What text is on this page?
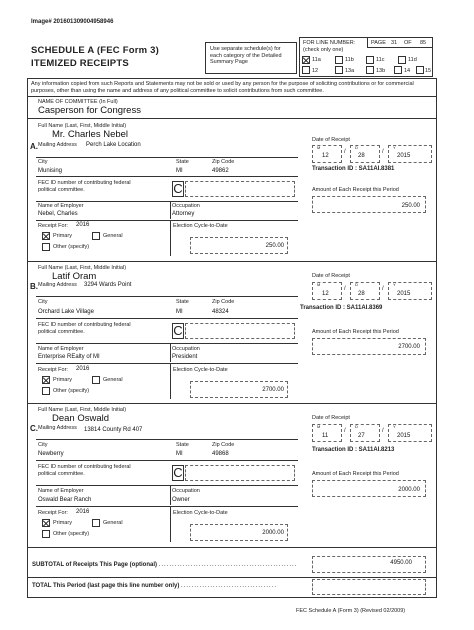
Image# 201601309004958946
SCHEDULE A (FEC Form 3)
ITEMIZED RECEIPTS
Use separate schedule(s) for each category of the Detailed Summary Page
FOR LINE NUMBER:
(check only one)
PAGE 31 OF 85
11a	11b	11c	11d
12	13a	13b	14	15
Any information copied from such Reports and Statements may not be sold or used by any person for the purpose of soliciting contributions or for commercial purposes, other than using the name and address of any political committee to solicit contributions from such committee.
NAME OF COMMITTEE (In Full)
Casperson for Congress
Full Name (Last, First, Middle Initial)
Mr. Charles Nebel
A. Mailing Address Perch Lake Location
City	State	Zip Code
Munising	MI	49862
FEC ID number of contributing federal political committee.	C
Name of Employer	Occupation
Nebel, Charles	Attorney
Receipt For: 2016
Primary	General
Other (specify)
Election Cycle-to-Date
250.00
Date of Receipt
M
12
/
D
28
/
Y
2015
Transaction ID : SA11AI.8381
Amount of Each Receipt this Period
250.00
Full Name (Last, First, Middle Initial)
Latif Oram
B. Mailing Address 3294 Wards Point
City	State	Zip Code
Orchard Lake Village	MI	48324
FEC ID number of contributing federal political committee.	C
Name of Employer	Occupation
Enterprise REalty of MI	President
Receipt For: 2016
Primary	General
Other (specify)
Election Cycle-to-Date
2700.00
Date of Receipt
M
12
/
D
28
/
Y
2015
Transaction ID : SA11AI.8369
Amount of Each Receipt this Period
2700.00
Full Name (Last, First, Middle Initial)
Dean Oswald
C. Mailing Address 13814 County Rd 407
City	State	Zip Code
Newberry	MI	49868
FEC ID number of contributing federal political committee.	C
Name of Employer	Occupation
Oswald Bear Ranch	Owner
Receipt For: 2016
Primary	General
Other (specify)
Election Cycle-to-Date
2000.00
Date of Receipt
M
11
/
D
27
/
Y
2015
Transaction ID : SA11AI.8213
Amount of Each Receipt this Period
2000.00
SUBTOTAL of Receipts This Page (optional) ....................................................	4950.00
TOTAL This Period (last page this line number only) ....................................
FEC Schedule A (Form 3) (Revised 02/2009)
